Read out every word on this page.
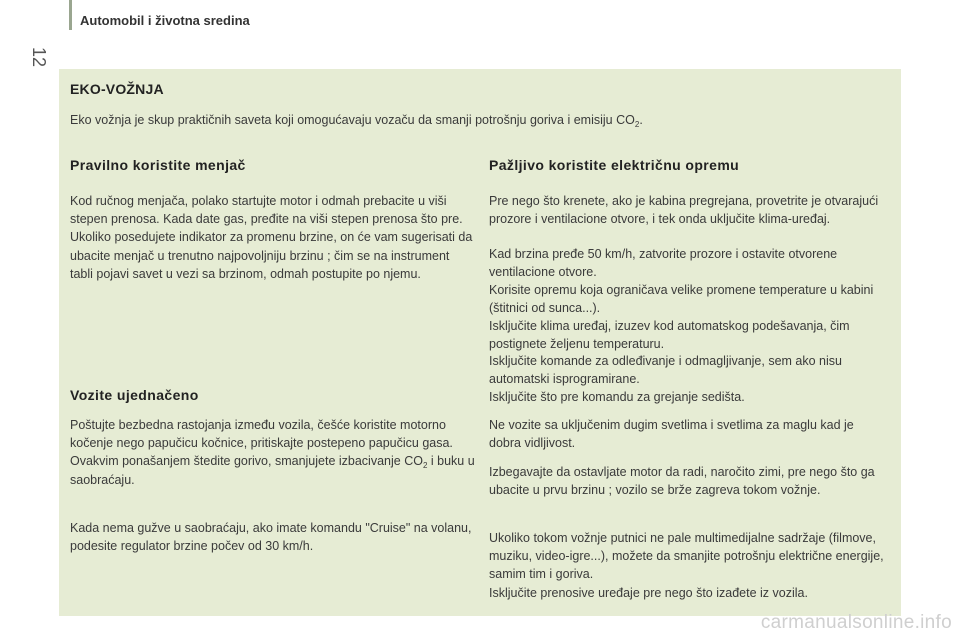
12
Automobil i životna sredina
EKO-VOŽNJA
Eko vožnja je skup praktičnih saveta koji omogućavaju vozaču da smanji potrošnju goriva i emisiju $CO_2$.
Pravilno koristite menjač

Kod ručnog menjača, polako startujte motor i odmah prebacite u viši stepen prenosa. Kada date gas, pređite na viši stepen prenosa što pre. Ukoliko posedujete indikator za promenu brzine, on će vam sugerisati da ubacite menjač u trenutno najpovoljniju brzinu ; čim se na instrument tabli pojavi savet u vezi sa brzinom, odmah postupite po njemu.

Vozite ujednačeno

Poštujte bezbedna rastojanja između vozila, češće koristite motorno kočenje nego papučicu kočnice, pritiskajte postepeno papučicu gasa. Ovakvim ponašanjem štedite gorivo, smanjujete izbacivanje $CO_2$ i buku u saobraćaju.

Kada nema gužve u saobraćaju, ako imate komandu "Cruise" na volanu, podesite regulator brzine počev od 30 km/h.

Pažljivo koristite električnu opremu

Pre nego što krenete, ako je kabina pregrejana, provetrite je otvarajući prozore i ventilacione otvore, i tek onda uključite klima-uređaj.

Kad brzina pređe 50 km/h, zatvorite prozore i ostavite otvorene ventilacione otvore.

Korisite opremu koja ograničava velike promene temperature u kabini (štitnici od sunca...).

Isključite klima uređaj, izuzev kod automatskog podešavanja, čim postignete željenu temperaturu.

Isključite komande za odleđivanje i odmagljivanje, sem ako nisu automatski isprogramirane.

Isključite što pre komandu za grejanje sedišta.

Ne vozite sa uključenim dugim svetlima i svetlima za maglu kad je dobra vidljivost.

Izbegavajte da ostavljate motor da radi, naročito zimi, pre nego što ga ubacite u prvu brzinu ; vozilo se brže zagreva tokom vožnje.

Ukoliko tokom vožnje putnici ne pale multimedijalne sadržaje (filmove, muziku, video-igre...), možete da smanjite potrošnju električne energije, samim tim i goriva.

Isključite prenosive uređaje pre nego što izađete iz vozila.

carmanualsonline.info
